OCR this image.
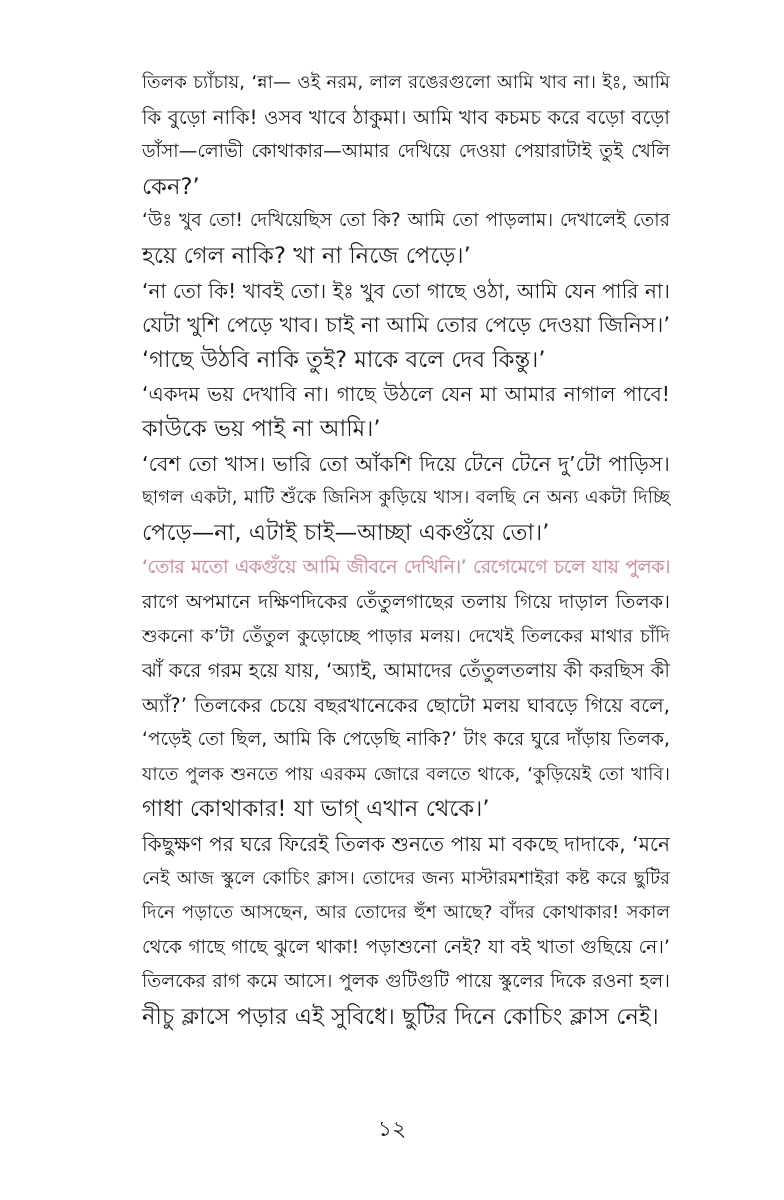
তিলক চ্যাঁচায়, ‘ন্না— ওই নরম, লাল রঙেরগুলো আমি খাব না। ইঃ, আমি
কি বুড়ো নাকি! ওসব খাবে ঠাকুমা। আমি খাব কচমচ করে বড়ো বড়ো
ডাঁসা—লোভী কোথাকার—আমার দেখিয়ে দেওয়া পেয়ারাটাই তুই খেলি
কেন?’

‘উঃ খুব তো! দেখিয়েছিস তো কি? আমি তো পাড়লাম। দেখালেই তোর
হয়ে গেল নাকি? খা না নিজে পেড়ে।’

‘না তো কি! খাবই তো। ইঃ খুব তো গাছে ওঠা, আমি যেন পারি না।
যেটা খুশি পেড়ে খাব। চাই না আমি তোর পেড়ে দেওয়া জিনিস।’

‘গাছে উঠবি নাকি তুই? মাকে বলে দেব কিন্তু।’

‘একদম ভয় দেখাবি না। গাছে উঠলে যেন মা আমার নাগাল পাবে!
কাউকে ভয় পাই না আমি।’

‘বেশ তো খাস। ভারি তো আঁকশি দিয়ে টেনে টেনে দু’টো পাড়িস।
ছাগল একটা, মাটি শুঁকে জিনিস কুড়িয়ে খাস। বলছি নে অন্য একটা দিচ্ছি
পেড়ে—না, এটাই চাই—আচ্ছা একগুঁয়ে তো।’

‘তোর মতো একগুঁয়ে আমি জীবনে দেখিনি।’ রেগেমেগে চলে যায় পুলক।
রাগে অপমানে দক্ষিণদিকের তেঁতুলগাছের তলায় গিয়ে দাড়াল তিলক।
শুকনো ক’টা তেঁতুল কুড়োচ্ছে পাড়ার মলয়। দেখেই তিলকের মাথার চাঁদি
ঝাঁ করে গরম হয়ে যায়, ‘অ্যাই, আমাদের তেঁতুলতলায় কী করছিস কী
অ্যাঁ?’ তিলকের চেয়ে বছরখানেকের ছোটো মলয় ঘাবড়ে গিয়ে বলে,
‘পড়েই তো ছিল, আমি কি পেড়েছি নাকি?’ টাং করে ঘুরে দাঁড়ায় তিলক,
যাতে পুলক শুনতে পায় এরকম জোরে বলতে থাকে, ‘কুড়িয়েই তো খাবি।
গাধা কোথাকার! যা ভাগ্‌ এখান থেকে।’

কিছুক্ষণ পর ঘরে ফিরেই তিলক শুনতে পায় মা বকছে দাদাকে, ‘মনে
নেই আজ স্কুলে কোচিং ক্লাস। তোদের জন্য মাস্টারমশাইরা কষ্ট করে ছুটির
দিনে পড়াতে আসছেন, আর তোদের হুঁশ আছে? বাঁদর কোথাকার! সকাল
থেকে গাছে গাছে ঝুলে থাকা! পড়াশুনো নেই? যা বই খাতা গুছিয়ে নে।’
তিলকের রাগ কমে আসে। পুলক গুটিগুটি পায়ে স্কুলের দিকে রওনা হল।
নীচু ক্লাসে পড়ার এই সুবিধে। ছুটির দিনে কোচিং ক্লাস নেই।

১২
